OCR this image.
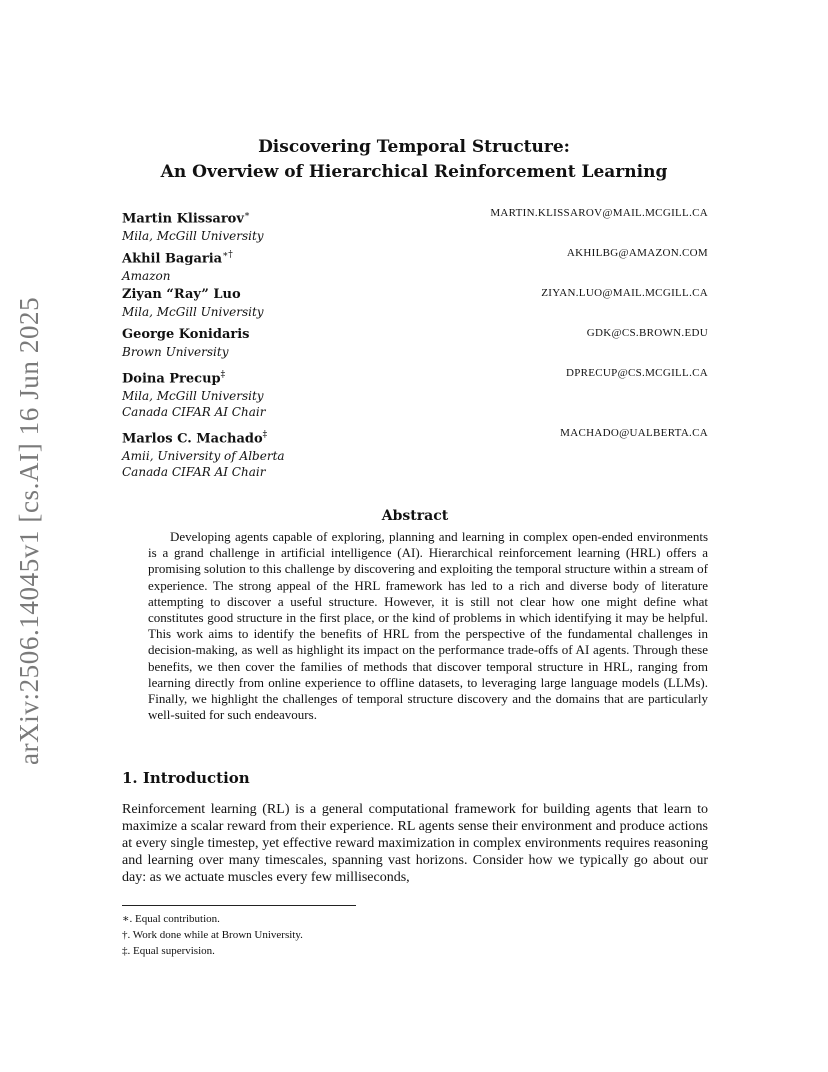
arXiv:2506.14045v1 [cs.AI] 16 Jun 2025
Discovering Temporal Structure:
An Overview of Hierarchical Reinforcement Learning
Martin Klissarov∗	MARTIN.KLISSAROV@MAIL.MCGILL.CA
Mila, McGill University
Akhil Bagaria∗†	AKHILBG@AMAZON.COM
Amazon
Ziyan “Ray” Luo	ZIYAN.LUO@MAIL.MCGILL.CA
Mila, McGill University
George Konidaris	GDK@CS.BROWN.EDU
Brown University
Doina Precup‡	DPRECUP@CS.MCGILL.CA
Mila, McGill University
Canada CIFAR AI Chair
Marlos C. Machado‡	MACHADO@UALBERTA.CA
Amii, University of Alberta
Canada CIFAR AI Chair
Abstract

Developing agents capable of exploring, planning and learning in complex open-ended environments is a grand challenge in artificial intelligence (AI). Hierarchical reinforcement learning (HRL) offers a promising solution to this challenge by discovering and exploiting the temporal structure within a stream of experience. The strong appeal of the HRL framework has led to a rich and diverse body of literature attempting to discover a useful structure. However, it is still not clear how one might define what constitutes good structure in the first place, or the kind of problems in which identifying it may be helpful. This work aims to identify the benefits of HRL from the perspective of the fundamental challenges in decision-making, as well as highlight its impact on the performance trade-offs of AI agents. Through these benefits, we then cover the families of methods that discover temporal structure in HRL, ranging from learning directly from online experience to offline datasets, to leveraging large language models (LLMs). Finally, we highlight the challenges of temporal structure discovery and the domains that are particularly well-suited for such endeavours.

1. Introduction

Reinforcement learning (RL) is a general computational framework for building agents that learn to maximize a scalar reward from their experience. RL agents sense their environment and produce actions at every single timestep, yet effective reward maximization in complex environments requires reasoning and learning over many timescales, spanning vast horizons. Consider how we typically go about our day: as we actuate muscles every few milliseconds,

∗. Equal contribution.
†. Work done while at Brown University.
‡. Equal supervision.
